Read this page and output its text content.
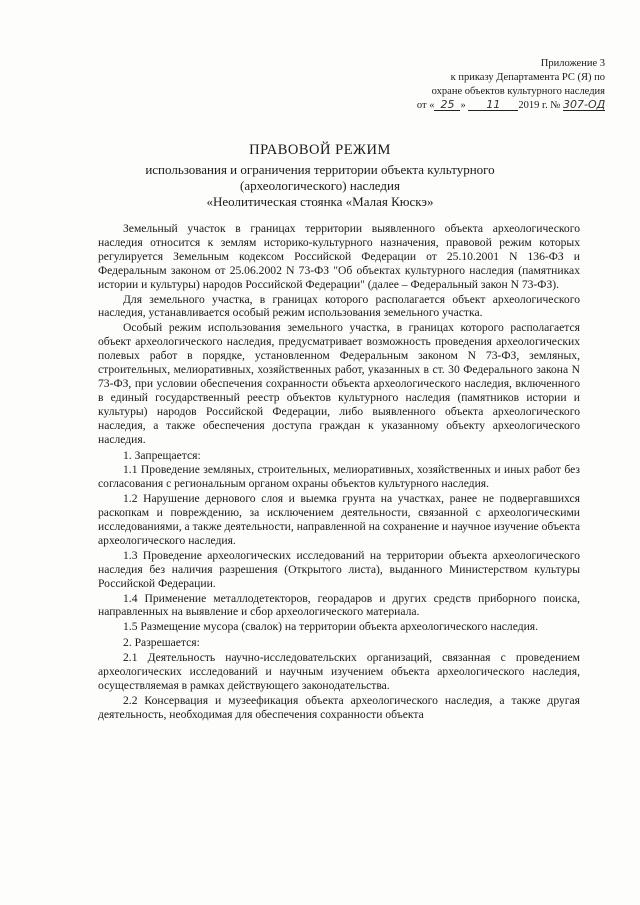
Приложение 3
к приказу Департамента РС (Я) по
охране объектов культурного наследия
от « 25 » 11 2019 г. № 307-ОД
ПРАВОВОЙ РЕЖИМ
использования и ограничения территории объекта культурного
(археологического) наследия
«Неолитическая стоянка «Малая Кюскэ»

Земельный участок в границах территории выявленного объекта археологического наследия относится к землям историко-культурного назначения, правовой режим которых регулируется Земельным кодексом Российской Федерации от 25.10.2001 N 136-ФЗ и Федеральным законом от 25.06.2002 N 73-ФЗ "Об объектах культурного наследия (памятниках истории и культуры) народов Российской Федерации" (далее – Федеральный закон N 73-ФЗ).

Для земельного участка, в границах которого располагается объект археологического наследия, устанавливается особый режим использования земельного участка.

Особый режим использования земельного участка, в границах которого располагается объект археологического наследия, предусматривает возможность проведения археологических полевых работ в порядке, установленном Федеральным законом N 73-ФЗ, земляных, строительных, мелиоративных, хозяйственных работ, указанных в ст. 30 Федерального закона N 73-ФЗ, при условии обеспечения сохранности объекта археологического наследия, включенного в единый государственный реестр объектов культурного наследия (памятников истории и культуры) народов Российской Федерации, либо выявленного объекта археологического наследия, а также обеспечения доступа граждан к указанному объекту археологического наследия.

1. Запрещается:

1.1 Проведение земляных, строительных, мелиоративных, хозяйственных и иных работ без согласования с региональным органом охраны объектов культурного наследия.

1.2 Нарушение дернового слоя и выемка грунта на участках, ранее не подвергавшихся раскопкам и повреждению, за исключением деятельности, связанной с археологическими исследованиями, а также деятельности, направленной на сохранение и научное изучение объекта археологического наследия.

1.3 Проведение археологических исследований на территории объекта археологического наследия без наличия разрешения (Открытого листа), выданного Министерством культуры Российской Федерации.

1.4 Применение металлодетекторов, георадаров и других средств приборного поиска, направленных на выявление и сбор археологического материала.

1.5 Размещение мусора (свалок) на территории объекта археологического наследия.

2. Разрешается:

2.1 Деятельность научно-исследовательских организаций, связанная с проведением археологических исследований и научным изучением объекта археологического наследия, осуществляемая в рамках действующего законодательства.

2.2 Консервация и музеефикация объекта археологического наследия, а также другая деятельность, необходимая для обеспечения сохранности объекта
